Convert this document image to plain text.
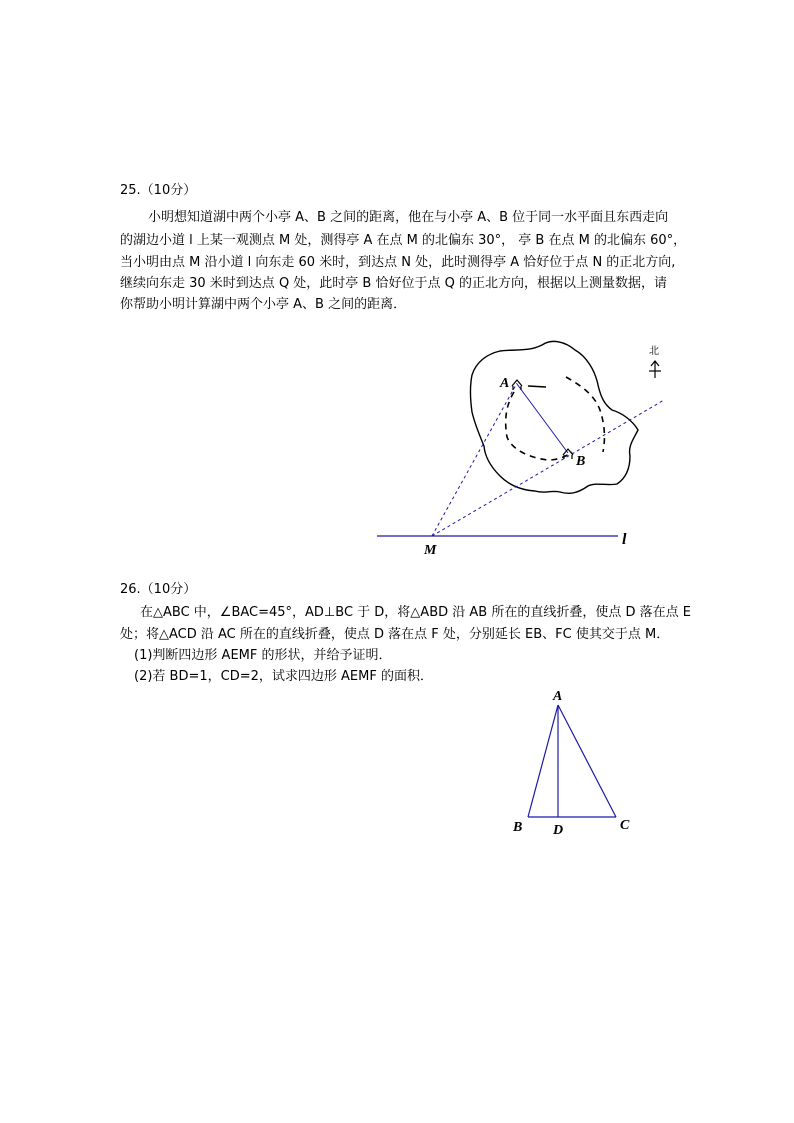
25.（10分）
小明想知道湖中两个小亭 A、B 之间的距离，他在与小亭 A、B 位于同一水平面且东西走向
的湖边小道 l 上某一观测点 M 处，测得亭 A 在点 M 的北偏东 30°， 亭 B 在点 M 的北偏东 60°，
当小明由点 M 沿小道 l 向东走 60 米时，到达点 N 处，此时测得亭 A 恰好位于点 N 的正北方向,
继续向东走 30 米时到达点 Q 处，此时亭 B 恰好位于点 Q 的正北方向，根据以上测量数据，请
你帮助小明计算湖中两个小亭 A、B 之间的距离．
A
B
M
l
北
26.（10分）
在△ABC 中，∠BAC=45°，AD⊥BC 于 D，将△ABD 沿 AB 所在的直线折叠，使点 D 落在点 E
处；将△ACD 沿 AC 所在的直线折叠，使点 D 落在点 F 处，分别延长 EB、FC 使其交于点 M．
(1)判断四边形 AEMF 的形状，并给予证明．
(2)若 BD=1，CD=2，试求四边形 AEMF 的面积．
A
B	C
D
